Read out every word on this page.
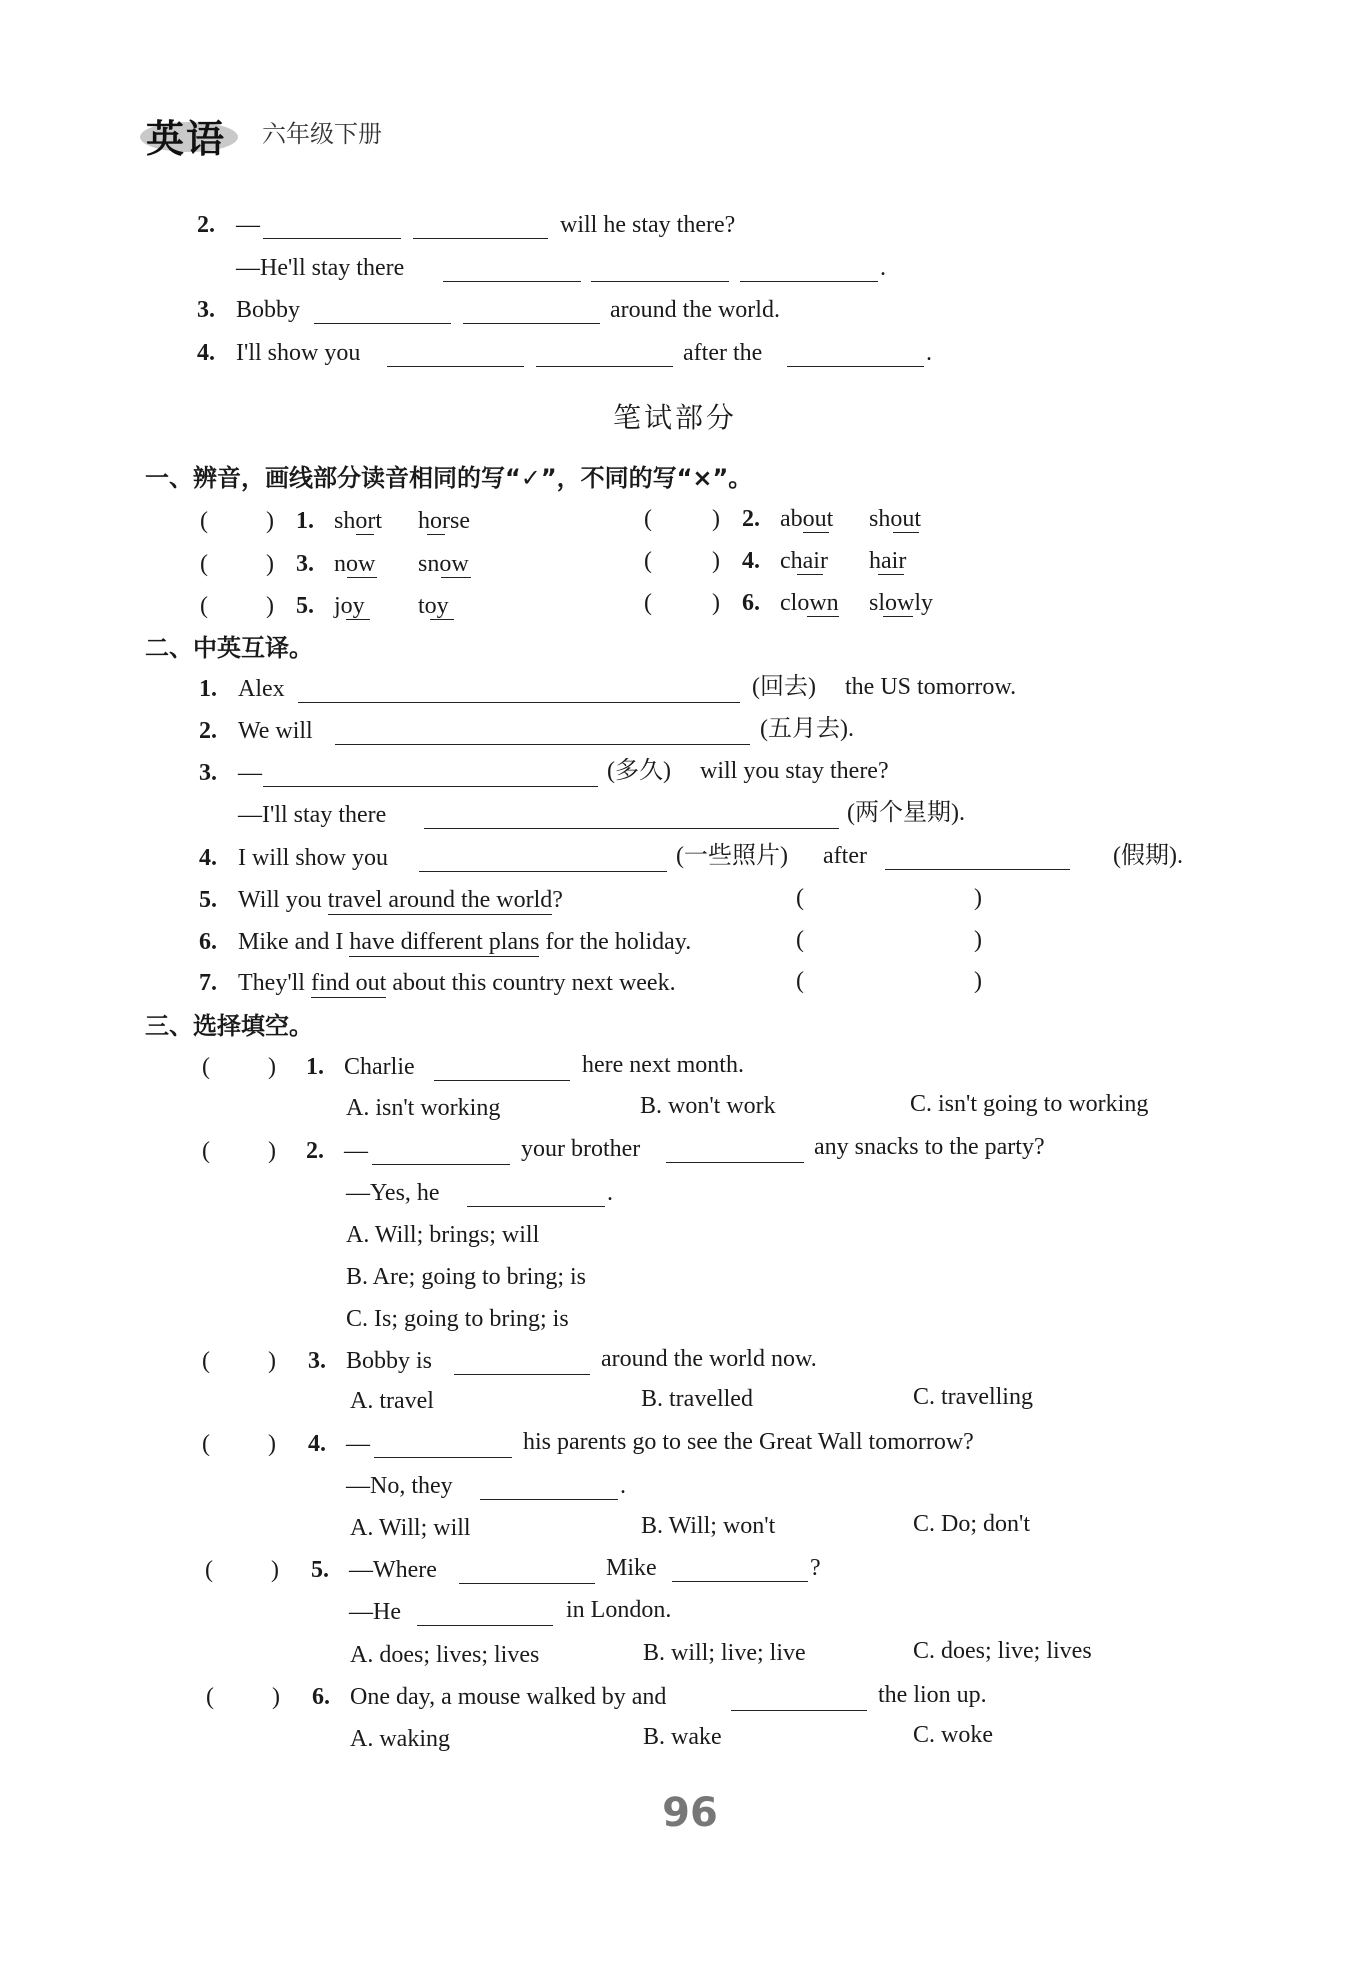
英语 六年级下册
2. —	will he stay there?
—He'll stay there	.
3. Bobby	around the world.
4. I'll show you	after the	.
笔试部分
一、辨音，画线部分读音相同的写“✓”，不同的写“×”。
( ) 1. short horse	(	) 2. about shout
( ) 3. now snow	(	) 4. chair hair
( ) 5. joy toy	(	) 6. clown slowly
二、中英互译。
1. Alex	(回去) the US tomorrow.
2. We will	(五月去).
3. —	(多久) will you stay there?
—I'll stay there	(两个星期).
4. I will show you	(一些照片) after	(假期).
5. Will you travel around the world?	(	)
6. Mike and I have different plans for the holiday.	(	)
7. They'll find out about this country next week.	(	)
三、选择填空。
( ) 1. Charlie	here next month.
A. isn't working	B. won't work	C. isn't going to working
( ) 2. —	your brother	any snacks to the party?
—Yes, he	.
A. Will; brings; will
B. Are; going to bring; is
C. Is; going to bring; is
( ) 3. Bobby is	around the world now.
A. travel	B. travelled	C. travelling
( ) 4. —	his parents go to see the Great Wall tomorrow?
—No, they	.
A. Will; will	B. Will; won't	C. Do; don't
( ) 5. —Where	Mike	?
—He	in London.
A. does; lives; lives	B. will; live; live	C. does; live; lives
( ) 6. One day, a mouse walked by and	the lion up.
A. waking	B. wake	C. woke
96
